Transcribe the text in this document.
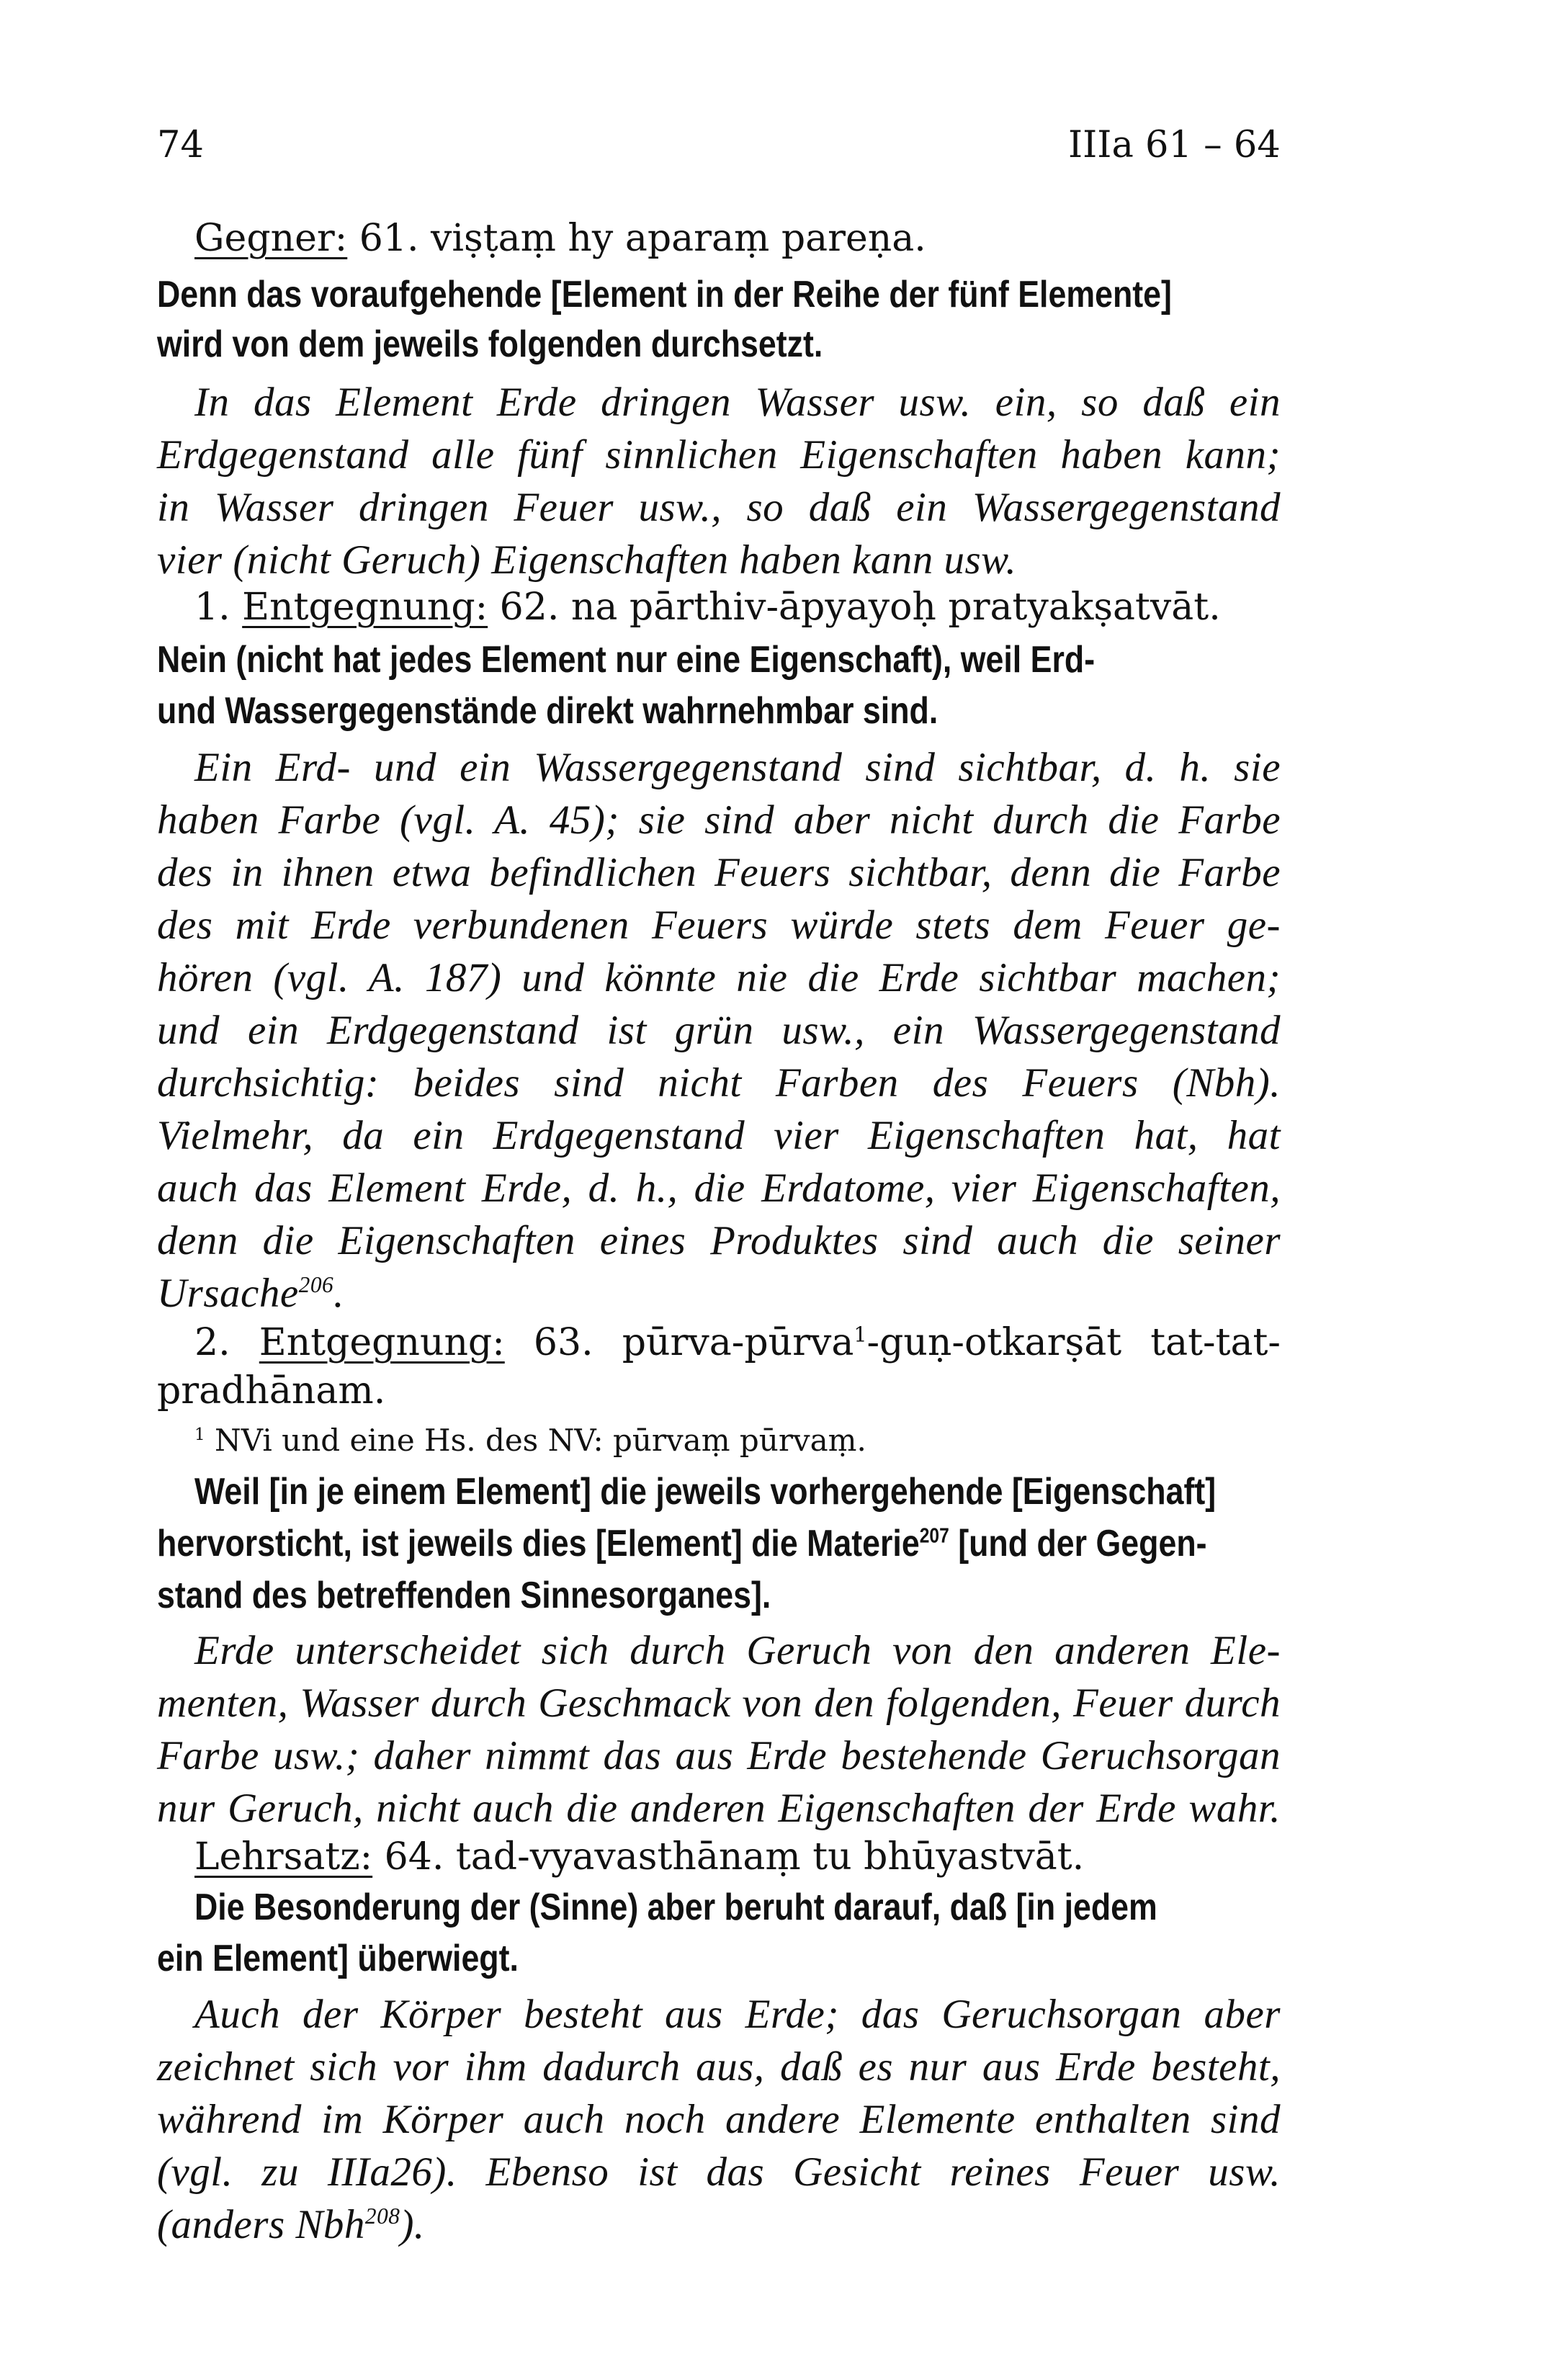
74	IIIa 61 – 64

Gegner: 61. viṣṭaṃ hy aparaṃ pareṇa.

Denn das voraufgehende [Element in der Reihe der fünf Elemente]

wird von dem jeweils folgenden durchsetzt.

In das Element Erde dringen Wasser usw. ein, so daß ein

Erdgegenstand alle fünf sinnlichen Eigenschaften haben kann;

in Wasser dringen Feuer usw., so daß ein Wassergegenstand

vier (nicht Geruch) Eigenschaften haben kann usw.

1. Entgegnung: 62. na pārthiv-āpyayoḥ pratyakṣatvāt.

Nein (nicht hat jedes Element nur eine Eigenschaft), weil Erd-

und Wassergegenstände direkt wahrnehmbar sind.

Ein Erd- und ein Wassergegenstand sind sichtbar, d. h. sie

haben Farbe (vgl. A. 45); sie sind aber nicht durch die Farbe

des in ihnen etwa befindlichen Feuers sichtbar, denn die Farbe

des mit Erde verbundenen Feuers würde stets dem Feuer ge-

hören (vgl. A. 187) und könnte nie die Erde sichtbar machen;

und ein Erdgegenstand ist grün usw., ein Wassergegenstand

durchsichtig: beides sind nicht Farben des Feuers (Nbh).

Vielmehr, da ein Erdgegenstand vier Eigenschaften hat, hat

auch das Element Erde, d. h., die Erdatome, vier Eigenschaften,

denn die Eigenschaften eines Produktes sind auch die seiner

Ursache$^{206}$.

2. Entgegnung: 63. pūrva-pūrva$^1$-guṇ-otkarṣāt tat-tat-

pradhānam.

$^1$ NVi und eine Hs. des NV: pūrvaṃ pūrvaṃ.

Weil [in je einem Element] die jeweils vorhergehende [Eigenschaft]

hervorsticht, ist jeweils dies [Element] die Materie$^{207}$ [und der Gegen-

stand des betreffenden Sinnesorganes].

Erde unterscheidet sich durch Geruch von den anderen Ele-

menten, Wasser durch Geschmack von den folgenden, Feuer durch

Farbe usw.; daher nimmt das aus Erde bestehende Geruchsorgan

nur Geruch, nicht auch die anderen Eigenschaften der Erde wahr.

Lehrsatz: 64. tad-vyavasthānaṃ tu bhūyastvāt.

Die Besonderung der (Sinne) aber beruht darauf, daß [in jedem

ein Element] überwiegt.

Auch der Körper besteht aus Erde; das Geruchsorgan aber

zeichnet sich vor ihm dadurch aus, daß es nur aus Erde besteht,

während im Körper auch noch andere Elemente enthalten sind

(vgl. zu IIIa26). Ebenso ist das Gesicht reines Feuer usw.

(anders Nbh$^{208}$).
